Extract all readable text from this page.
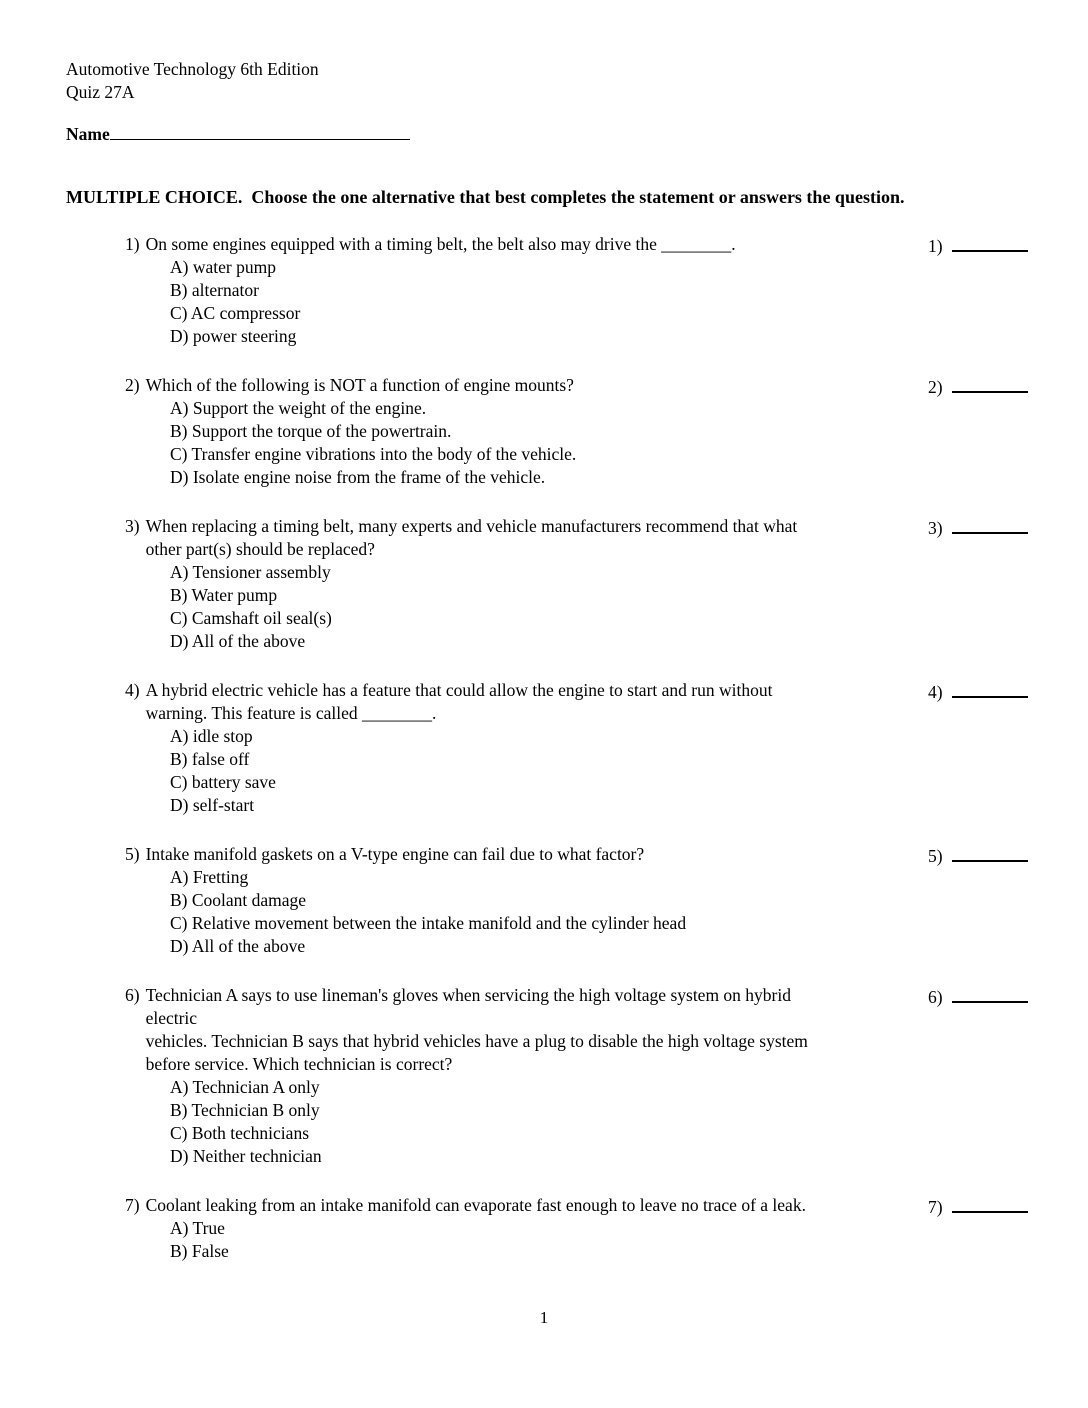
Automotive Technology 6th Edition
Quiz 27A
Name
MULTIPLE CHOICE.  Choose the one alternative that best completes the statement or answers the question.
1) On some engines equipped with a timing belt, the belt also may drive the ________.
A) water pump
B) alternator
C) AC compressor
D) power steering
1)
2) Which of the following is NOT a function of engine mounts?
A) Support the weight of the engine.
B) Support the torque of the powertrain.
C) Transfer engine vibrations into the body of the vehicle.
D) Isolate engine noise from the frame of the vehicle.
2)
3) When replacing a timing belt, many experts and vehicle manufacturers recommend that what
other part(s) should be replaced?
A) Tensioner assembly
B) Water pump
C) Camshaft oil seal(s)
D) All of the above
3)
4) A hybrid electric vehicle has a feature that could allow the engine to start and run without
warning. This feature is called ________.
A) idle stop
B) false off
C) battery save
D) self-start
4)
5) Intake manifold gaskets on a V-type engine can fail due to what factor?
A) Fretting
B) Coolant damage
C) Relative movement between the intake manifold and the cylinder head
D) All of the above
5)
6) Technician A says to use lineman's gloves when servicing the high voltage system on hybrid
electric
vehicles. Technician B says that hybrid vehicles have a plug to disable the high voltage system
before service. Which technician is correct?
A) Technician A only
B) Technician B only
C) Both technicians
D) Neither technician
6)
7) Coolant leaking from an intake manifold can evaporate fast enough to leave no trace of a leak.
A) True
B) False
7)
1
